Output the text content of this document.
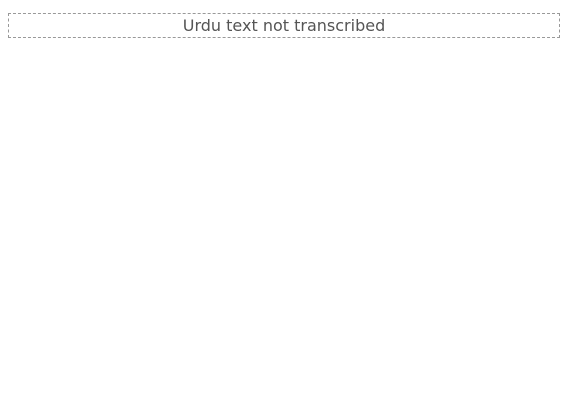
Urdu text not transcribed
